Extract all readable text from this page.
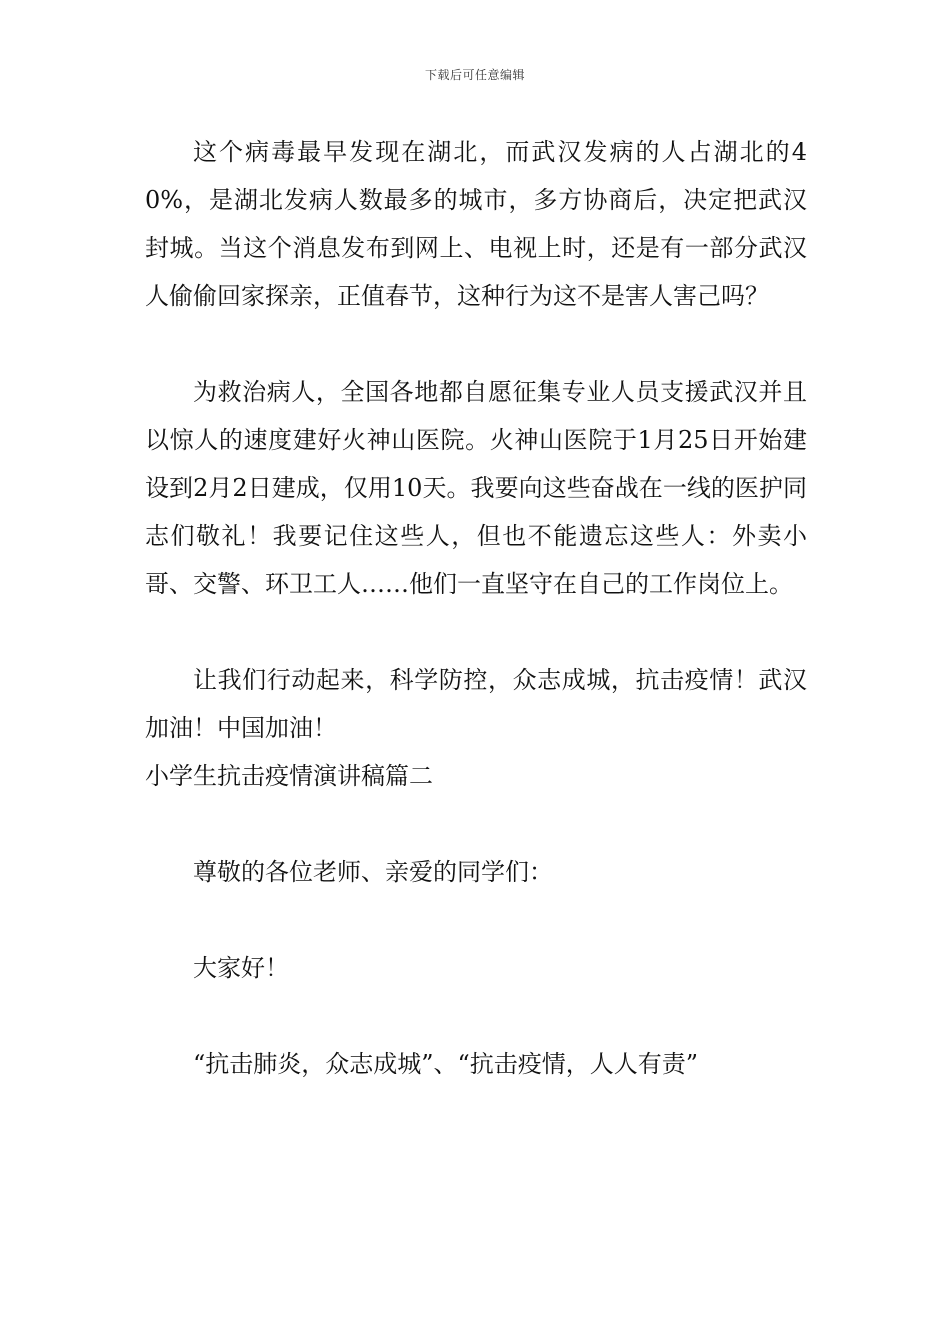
下载后可任意编辑

这个病毒最早发现在湖北，而武汉发病的人占湖北的40%，是湖北发病人数最多的城市，多方协商后，决定把武汉封城。当这个消息发布到网上、电视上时，还是有一部分武汉人偷偷回家探亲，正值春节，这种行为这不是害人害己吗？

为救治病人，全国各地都自愿征集专业人员支援武汉并且以惊人的速度建好火神山医院。火神山医院于1月25日开始建设到2月2日建成，仅用10天。我要向这些奋战在一线的医护同志们敬礼！我要记住这些人，但也不能遗忘这些人：外卖小哥、交警、环卫工人……他们一直坚守在自己的工作岗位上。

让我们行动起来，科学防控，众志成城，抗击疫情！武汉加油！中国加油！

小学生抗击疫情演讲稿篇二

尊敬的各位老师、亲爱的同学们：

大家好！

“抗击肺炎，众志成城”、“抗击疫情，人人有责”
